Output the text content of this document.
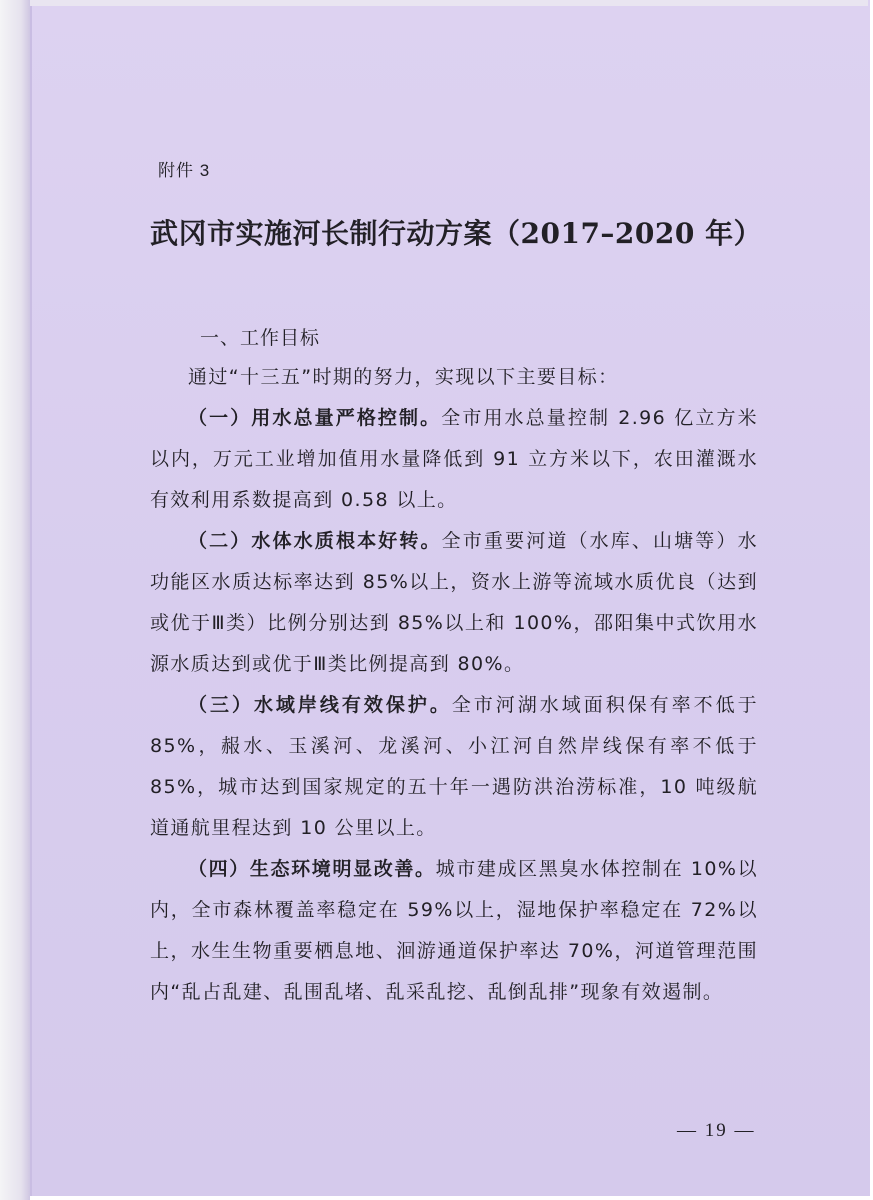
附件 3
武冈市实施河长制行动方案（2017–2020 年）
一、工作目标

通过“十三五”时期的努力，实现以下主要目标：

（一）用水总量严格控制。全市用水总量控制 2.96 亿立方米以内，万元工业增加值用水量降低到 91 立方米以下，农田灌溉水有效利用系数提高到 0.58 以上。

（二）水体水质根本好转。全市重要河道（水库、山塘等）水功能区水质达标率达到 85%以上，资水上游等流域水质优良（达到或优于Ⅲ类）比例分别达到 85%以上和 100%，邵阳集中式饮用水源水质达到或优于Ⅲ类比例提高到 80%。

（三）水域岸线有效保护。全市河湖水域面积保有率不低于 85%，赧水、玉溪河、龙溪河、小江河自然岸线保有率不低于 85%，城市达到国家规定的五十年一遇防洪治涝标准，10 吨级航道通航里程达到 10 公里以上。

（四）生态环境明显改善。城市建成区黑臭水体控制在 10%以内，全市森林覆盖率稳定在 59%以上，湿地保护率稳定在 72%以上，水生生物重要栖息地、洄游通道保护率达 70%，河道管理范围内“乱占乱建、乱围乱堵、乱采乱挖、乱倒乱排”现象有效遏制。

— 19 —
